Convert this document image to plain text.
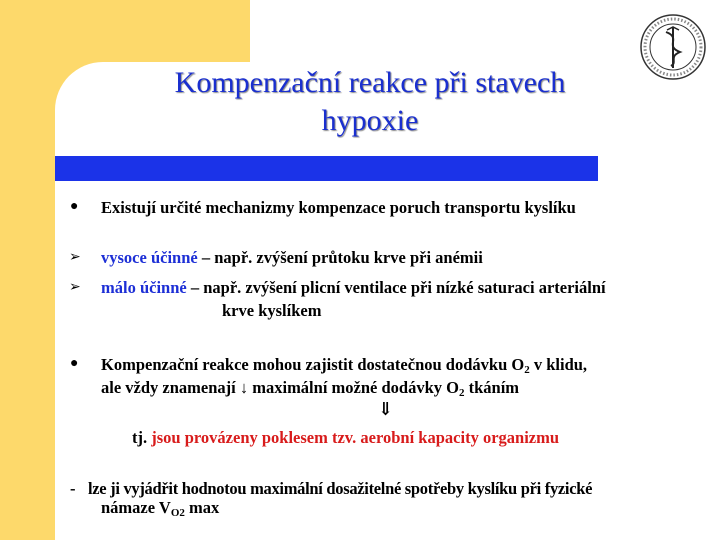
Kompenzační reakce při stavech
hypoxie
● Existují určité mechanizmy kompenzace poruch transportu kyslíku
➢ vysoce účinné – např. zvýšení průtoku krve při anémii
➢ málo účinné – např. zvýšení plicní ventilace při nízké saturaci arteriální
krve kyslíkem
● Kompenzační reakce mohou zajistit dostatečnou dodávku $O_2$ v klidu,
ale vždy znamenají ↓ maximální možné dodávky $O_2$ tkáním
⇓
tj. jsou provázeny poklesem tzv. aerobní kapacity organizmu
- lze ji vyjádřit hodnotou maximální dosažitelné spotřeby kyslíku při fyzické
námaze $V_{O2}$ max
